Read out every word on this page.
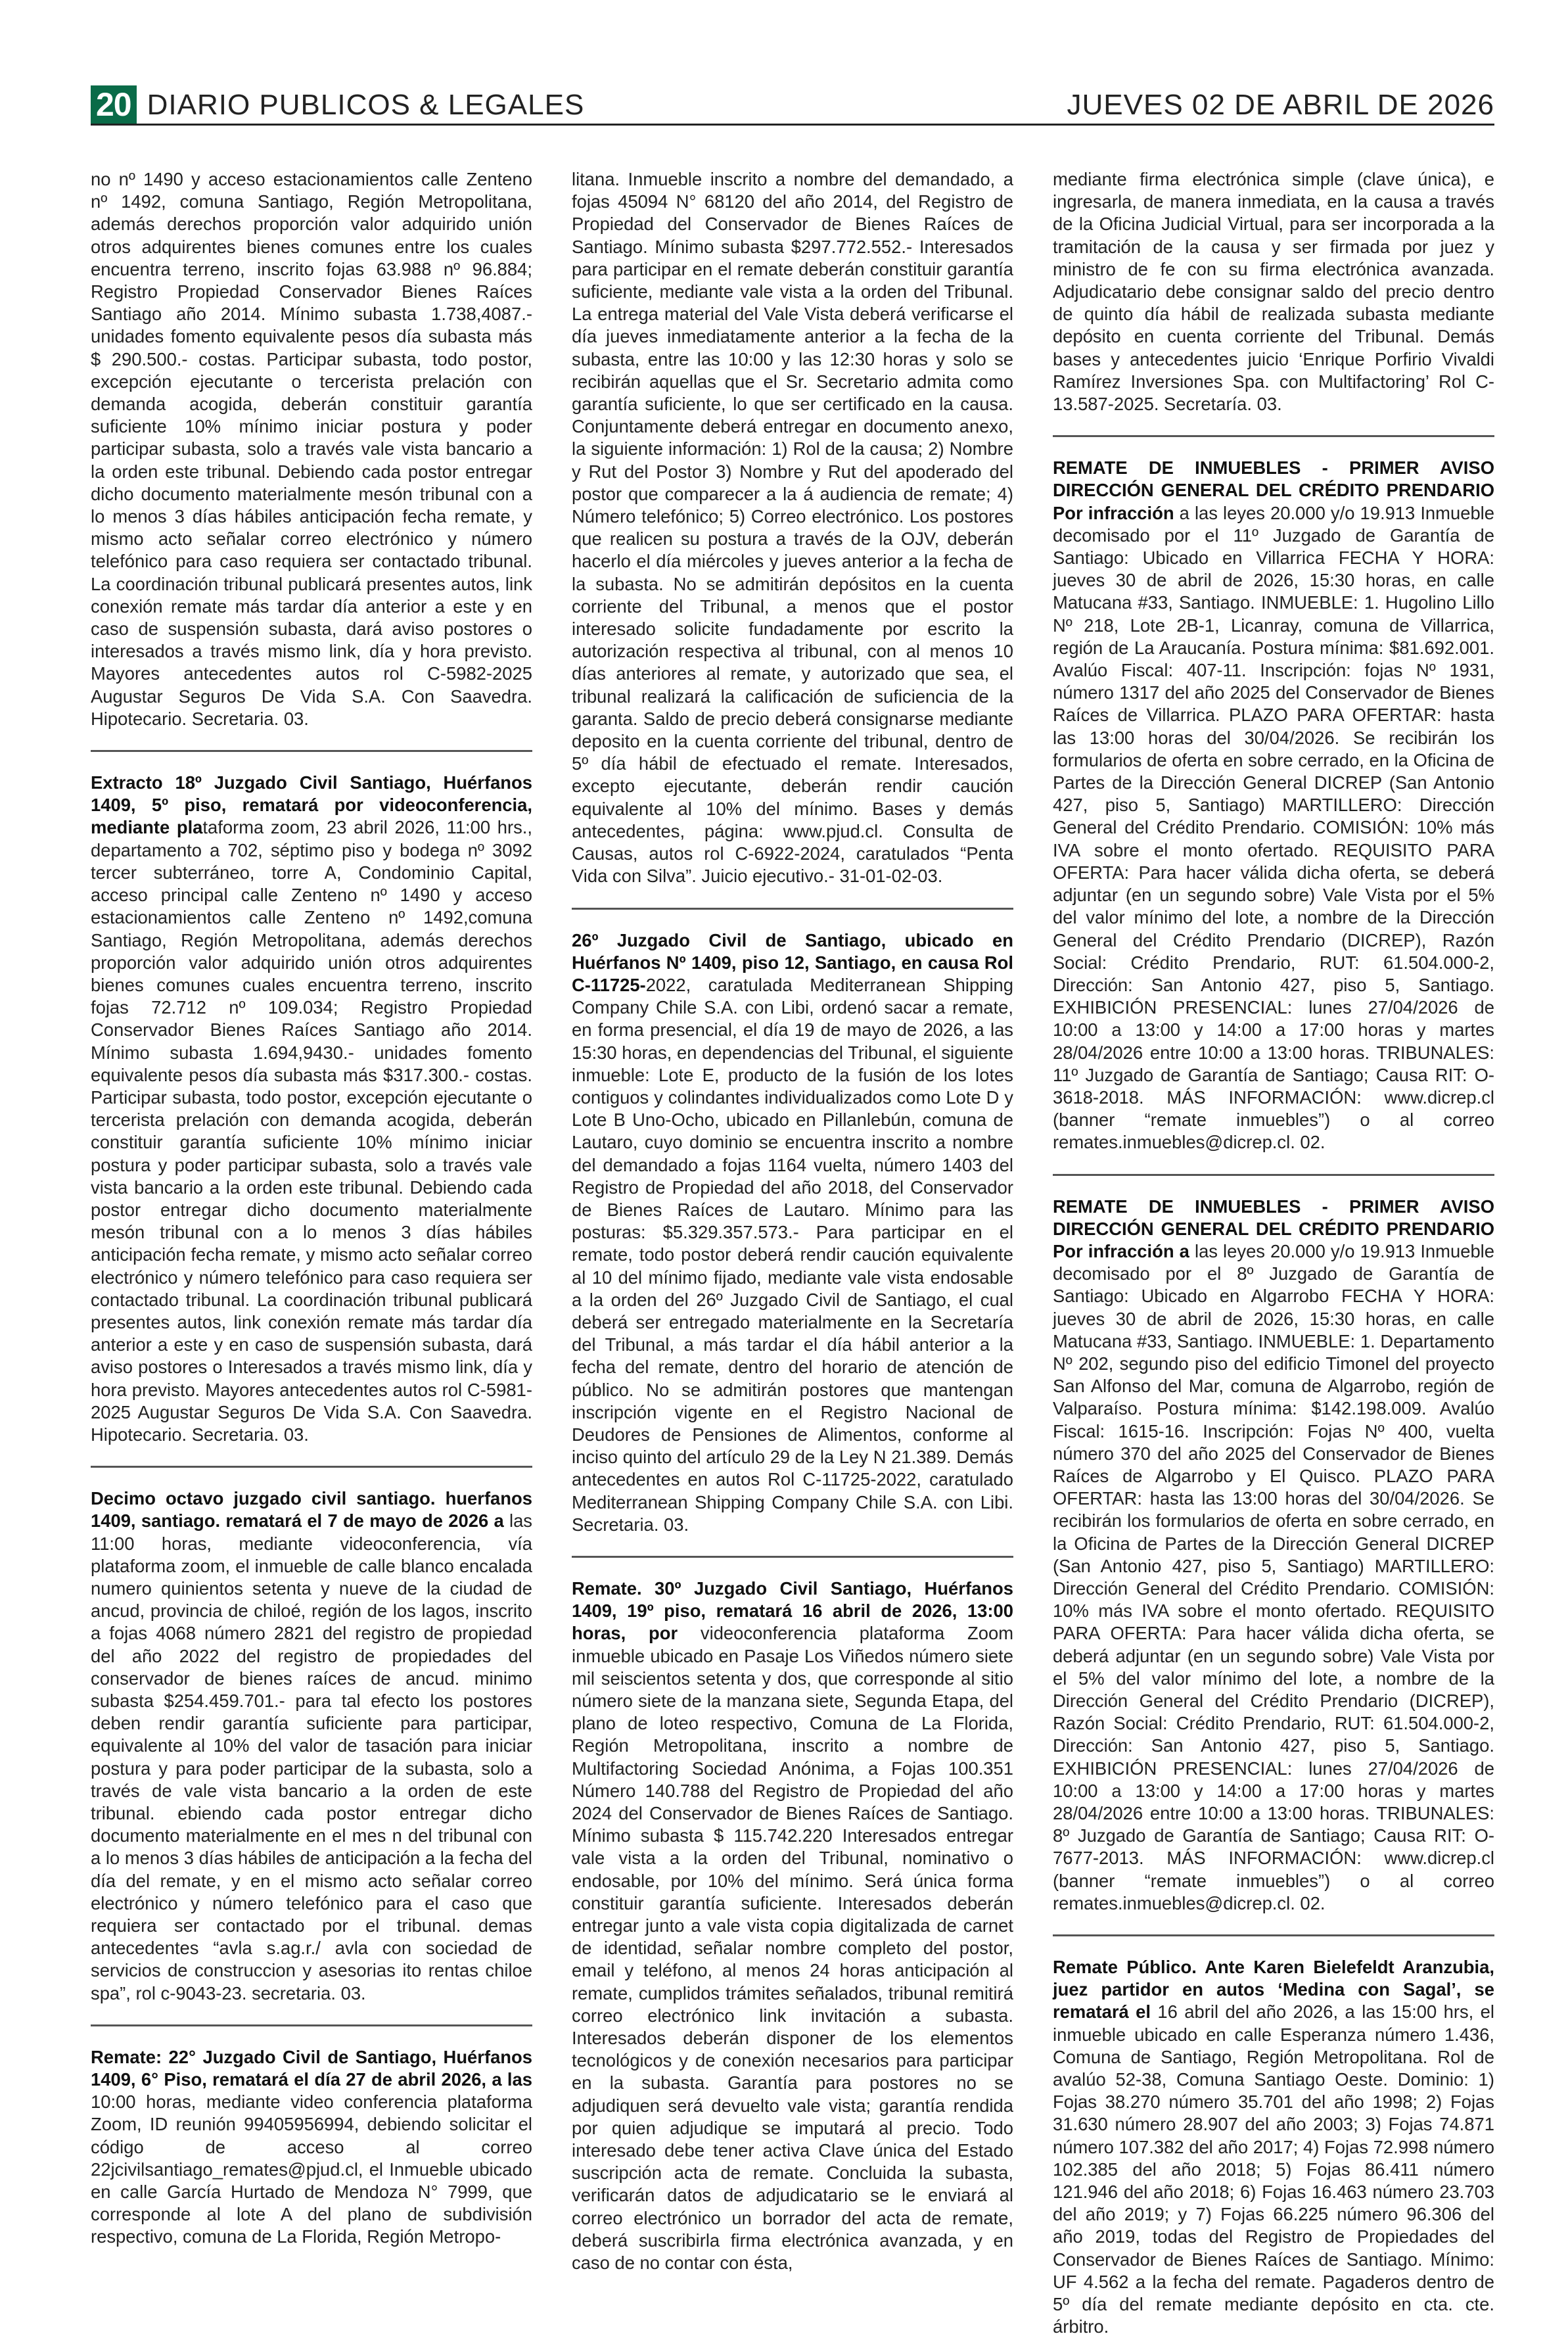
20 DIARIO PUBLICOS & LEGALES	JUEVES 02 DE ABRIL DE 2026

no nº 1490 y acceso estacionamientos calle Zenteno nº 1492, comuna Santiago, Región Metropolitana, además derechos proporción valor adquirido unión otros adquirentes bienes comunes entre los cuales encuentra terreno, inscrito fojas 63.988 nº 96.884; Registro Propiedad Conservador Bienes Raíces Santiago año 2014. Mínimo subasta 1.738,4087.- unidades fomento equivalente pesos día subasta más $ 290.500.- costas. Participar subasta, todo postor, excepción ejecutante o tercerista prelación con demanda acogida, deberán constituir garantía suficiente 10% mínimo iniciar postura y poder participar subasta, solo a través vale vista bancario a la orden este tribunal. Debiendo cada postor entregar dicho documento materialmente mesón tribunal con a lo menos 3 días hábiles anticipación fecha remate, y mismo acto señalar correo electrónico y número telefónico para caso requiera ser contactado tribunal. La coordinación tribunal publicará presentes autos, link conexión remate más tardar día anterior a este y en caso de suspensión subasta, dará aviso postores o interesados a través mismo link, día y hora previsto. Mayores antecedentes autos rol C-5982-2025 Augustar Seguros De Vida S.A. Con Saavedra. Hipotecario. Secretaria. 03.

Extracto 18º Juzgado Civil Santiago, Huérfanos 1409, 5º piso, rematará por videoconferencia, mediante plataforma zoom, 23 abril 2026, 11:00 hrs., departamento a 702, séptimo piso y bodega nº 3092 tercer subterráneo, torre A, Condominio Capital, acceso principal calle Zenteno nº 1490 y acceso estacionamientos calle Zenteno nº 1492,comuna Santiago, Región Metropolitana, además derechos proporción valor adquirido unión otros adquirentes bienes comunes cuales encuentra terreno, inscrito fojas 72.712 nº 109.034; Registro Propiedad Conservador Bienes Raíces Santiago año 2014. Mínimo subasta 1.694,9430.- unidades fomento equivalente pesos día subasta más $317.300.- costas. Participar subasta, todo postor, excepción ejecutante o tercerista prelación con demanda acogida, deberán constituir garantía suficiente 10% mínimo iniciar postura y poder participar subasta, solo a través vale vista bancario a la orden este tribunal. Debiendo cada postor entregar dicho documento materialmente mesón tribunal con a lo menos 3 días hábiles anticipación fecha remate, y mismo acto señalar correo electrónico y número telefónico para caso requiera ser contactado tribunal. La coordinación tribunal publicará presentes autos, link conexión remate más tardar día anterior a este y en caso de suspensión subasta, dará aviso postores o Interesados a través mismo link, día y hora previsto. Mayores antecedentes autos rol C-5981-2025 Augustar Seguros De Vida S.A. Con Saavedra. Hipotecario. Secretaria. 03.

Decimo octavo juzgado civil santiago. huerfanos 1409, santiago. rematará el 7 de mayo de 2026 a las 11:00 horas, mediante videoconferencia, vía plataforma zoom, el inmueble de calle blanco encalada numero quinientos setenta y nueve de la ciudad de ancud, provincia de chiloé, región de los lagos, inscrito a fojas 4068 número 2821 del registro de propiedad del año 2022 del registro de propiedades del conservador de bienes raíces de ancud. minimo subasta $254.459.701.- para tal efecto los postores deben rendir garantía suficiente para participar, equivalente al 10% del valor de tasación para iniciar postura y para poder participar de la subasta, solo a través de vale vista bancario a la orden de este tribunal. ebiendo cada postor entregar dicho documento materialmente en el mes n del tribunal con a lo menos 3 días hábiles de anticipación a la fecha del día del remate, y en el mismo acto señalar correo electrónico y número telefónico para el caso que requiera ser contactado por el tribunal. demas antecedentes “avla s.ag.r./ avla con sociedad de servicios de construccion y asesorias ito rentas chiloe spa”, rol c-9043-23. secretaria. 03.

Remate: 22° Juzgado Civil de Santiago, Huérfanos 1409, 6° Piso, rematará el día 27 de abril 2026, a las 10:00 horas, mediante video conferencia plataforma Zoom, ID reunión 99405956994, debiendo solicitar el código de acceso al correo 22jcivilsantiago_remates@pjud.cl, el Inmueble ubicado en calle García Hurtado de Mendoza N° 7999, que corresponde al lote A del plano de subdivisión respectivo, comuna de La Florida, Región Metropo-

litana. Inmueble inscrito a nombre del demandado, a fojas 45094 N° 68120 del año 2014, del Registro de Propiedad del Conservador de Bienes Raíces de Santiago. Mínimo subasta $297.772.552.- Interesados para participar en el remate deberán constituir garantía suficiente, mediante vale vista a la orden del Tribunal. La entrega material del Vale Vista deberá verificarse el día jueves inmediatamente anterior a la fecha de la subasta, entre las 10:00 y las 12:30 horas y solo se recibirán aquellas que el Sr. Secretario admita como garantía suficiente, lo que ser certificado en la causa. Conjuntamente deberá entregar en documento anexo, la siguiente información: 1) Rol de la causa; 2) Nombre y Rut del Postor 3) Nombre y Rut del apoderado del postor que comparecer a la á audiencia de remate; 4) Número telefónico; 5) Correo electrónico. Los postores que realicen su postura a través de la OJV, deberán hacerlo el día miércoles y jueves anterior a la fecha de la subasta. No se admitirán depósitos en la cuenta corriente del Tribunal, a menos que el postor interesado solicite fundadamente por escrito la autorización respectiva al tribunal, con al menos 10 días anteriores al remate, y autorizado que sea, el tribunal realizará la calificación de suficiencia de la garanta. Saldo de precio deberá consignarse mediante deposito en la cuenta corriente del tribunal, dentro de 5º día hábil de efectuado el remate. Interesados, excepto ejecutante, deberán rendir caución equivalente al 10% del mínimo. Bases y demás antecedentes, página: www.pjud.cl. Consulta de Causas, autos rol C-6922-2024, caratulados “Penta Vida con Silva”. Juicio ejecutivo.- 31-01-02-03.

26º Juzgado Civil de Santiago, ubicado en Huérfanos Nº 1409, piso 12, Santiago, en causa Rol C-11725-2022, caratulada Mediterranean Shipping Company Chile S.A. con Libi, ordenó sacar a remate, en forma presencial, el día 19 de mayo de 2026, a las 15:30 horas, en dependencias del Tribunal, el siguiente inmueble: Lote E, producto de la fusión de los lotes contiguos y colindantes individualizados como Lote D y Lote B Uno-Ocho, ubicado en Pillanlebún, comuna de Lautaro, cuyo dominio se encuentra inscrito a nombre del demandado a fojas 1164 vuelta, número 1403 del Registro de Propiedad del año 2018, del Conservador de Bienes Raíces de Lautaro. Mínimo para las posturas: $5.329.357.573.- Para participar en el remate, todo postor deberá rendir caución equivalente al 10 del mínimo fijado, mediante vale vista endosable a la orden del 26º Juzgado Civil de Santiago, el cual deberá ser entregado materialmente en la Secretaría del Tribunal, a más tardar el día hábil anterior a la fecha del remate, dentro del horario de atención de público. No se admitirán postores que mantengan inscripción vigente en el Registro Nacional de Deudores de Pensiones de Alimentos, conforme al inciso quinto del artículo 29 de la Ley N 21.389. Demás antecedentes en autos Rol C-11725-2022, caratulado Mediterranean Shipping Company Chile S.A. con Libi. Secretaria. 03.

Remate. 30º Juzgado Civil Santiago, Huérfanos 1409, 19º piso, rematará 16 abril de 2026, 13:00 horas, por videoconferencia plataforma Zoom inmueble ubicado en Pasaje Los Viñedos número siete mil seiscientos setenta y dos, que corresponde al sitio número siete de la manzana siete, Segunda Etapa, del plano de loteo respectivo, Comuna de La Florida, Región Metropolitana, inscrito a nombre de Multifactoring Sociedad Anónima, a Fojas 100.351 Número 140.788 del Registro de Propiedad del año 2024 del Conservador de Bienes Raíces de Santiago. Mínimo subasta $ 115.742.220 Interesados entregar vale vista a la orden del Tribunal, nominativo o endosable, por 10% del mínimo. Será única forma constituir garantía suficiente. Interesados deberán entregar junto a vale vista copia digitalizada de carnet de identidad, señalar nombre completo del postor, email y teléfono, al menos 24 horas anticipación al remate, cumplidos trámites señalados, tribunal remitirá correo electrónico link invitación a subasta. Interesados deberán disponer de los elementos tecnológicos y de conexión necesarios para participar en la subasta. Garantía para postores no se adjudiquen será devuelto vale vista; garantía rendida por quien adjudique se imputará al precio. Todo interesado debe tener activa Clave única del Estado suscripción acta de remate. Concluida la subasta, verificarán datos de adjudicatario se le enviará al correo electrónico un borrador del acta de remate, deberá suscribirla firma electrónica avanzada, y en caso de no contar con ésta,

mediante firma electrónica simple (clave única), e ingresarla, de manera inmediata, en la causa a través de la Oficina Judicial Virtual, para ser incorporada a la tramitación de la causa y ser firmada por juez y ministro de fe con su firma electrónica avanzada. Adjudicatario debe consignar saldo del precio dentro de quinto día hábil de realizada subasta mediante depósito en cuenta corriente del Tribunal. Demás bases y antecedentes juicio ‘Enrique Porfirio Vivaldi Ramírez Inversiones Spa. con Multifactoring’ Rol C-13.587-2025. Secretaría. 03.

REMATE DE INMUEBLES - PRIMER AVISO DIRECCIÓN GENERAL DEL CRÉDITO PRENDARIO Por infracción a las leyes 20.000 y/o 19.913 Inmueble decomisado por el 11º Juzgado de Garantía de Santiago: Ubicado en Villarrica FECHA Y HORA: jueves 30 de abril de 2026, 15:30 horas, en calle Matucana #33, Santiago. INMUEBLE: 1. Hugolino Lillo Nº 218, Lote 2B-1, Licanray, comuna de Villarrica, región de La Araucanía. Postura mínima: $81.692.001. Avalúo Fiscal: 407-11. Inscripción: fojas Nº 1931, número 1317 del año 2025 del Conservador de Bienes Raíces de Villarrica. PLAZO PARA OFERTAR: hasta las 13:00 horas del 30/04/2026. Se recibirán los formularios de oferta en sobre cerrado, en la Oficina de Partes de la Dirección General DICREP (San Antonio 427, piso 5, Santiago) MARTILLERO: Dirección General del Crédito Prendario. COMISIÓN: 10% más IVA sobre el monto ofertado. REQUISITO PARA OFERTA: Para hacer válida dicha oferta, se deberá adjuntar (en un segundo sobre) Vale Vista por el 5% del valor mínimo del lote, a nombre de la Dirección General del Crédito Prendario (DICREP), Razón Social: Crédito Prendario, RUT: 61.504.000-2, Dirección: San Antonio 427, piso 5, Santiago. EXHIBICIÓN PRESENCIAL: lunes 27/04/2026 de 10:00 a 13:00 y 14:00 a 17:00 horas y martes 28/04/2026 entre 10:00 a 13:00 horas. TRIBUNALES: 11º Juzgado de Garantía de Santiago; Causa RIT: O-3618-2018. MÁS INFORMACIÓN: www.dicrep.cl (banner “remate inmuebles”) o al correo remates.inmuebles@dicrep.cl. 02.

REMATE DE INMUEBLES - PRIMER AVISO DIRECCIÓN GENERAL DEL CRÉDITO PRENDARIO Por infracción a las leyes 20.000 y/o 19.913 Inmueble decomisado por el 8º Juzgado de Garantía de Santiago: Ubicado en Algarrobo FECHA Y HORA: jueves 30 de abril de 2026, 15:30 horas, en calle Matucana #33, Santiago. INMUEBLE: 1. Departamento Nº 202, segundo piso del edificio Timonel del proyecto San Alfonso del Mar, comuna de Algarrobo, región de Valparaíso. Postura mínima: $142.198.009. Avalúo Fiscal: 1615-16. Inscripción: Fojas Nº 400, vuelta número 370 del año 2025 del Conservador de Bienes Raíces de Algarrobo y El Quisco. PLAZO PARA OFERTAR: hasta las 13:00 horas del 30/04/2026. Se recibirán los formularios de oferta en sobre cerrado, en la Oficina de Partes de la Dirección General DICREP (San Antonio 427, piso 5, Santiago) MARTILLERO: Dirección General del Crédito Prendario. COMISIÓN: 10% más IVA sobre el monto ofertado. REQUISITO PARA OFERTA: Para hacer válida dicha oferta, se deberá adjuntar (en un segundo sobre) Vale Vista por el 5% del valor mínimo del lote, a nombre de la Dirección General del Crédito Prendario (DICREP), Razón Social: Crédito Prendario, RUT: 61.504.000-2, Dirección: San Antonio 427, piso 5, Santiago. EXHIBICIÓN PRESENCIAL: lunes 27/04/2026 de 10:00 a 13:00 y 14:00 a 17:00 horas y martes 28/04/2026 entre 10:00 a 13:00 horas. TRIBUNALES: 8º Juzgado de Garantía de Santiago; Causa RIT: O-7677-2013. MÁS INFORMACIÓN: www.dicrep.cl (banner “remate inmuebles”) o al correo remates.inmuebles@dicrep.cl. 02.

Remate Público. Ante Karen Bielefeldt Aranzubia, juez partidor en autos ‘Medina con Sagal’, se rematará el 16 abril del año 2026, a las 15:00 hrs, el inmueble ubicado en calle Esperanza número 1.436, Comuna de Santiago, Región Metropolitana. Rol de avalúo 52-38, Comuna Santiago Oeste. Dominio: 1) Fojas 38.270 número 35.701 del año 1998; 2) Fojas 31.630 número 28.907 del año 2003; 3) Fojas 74.871 número 107.382 del año 2017; 4) Fojas 72.998 número 102.385 del año 2018; 5) Fojas 86.411 número 121.946 del año 2018; 6) Fojas 16.463 número 23.703 del año 2019; y 7) Fojas 66.225 número 96.306 del año 2019, todas del Registro de Propiedades del Conservador de Bienes Raíces de Santiago. Mínimo: UF 4.562 a la fecha del remate. Pagaderos dentro de 5º día del remate mediante depósito en cta. cte. árbitro.
